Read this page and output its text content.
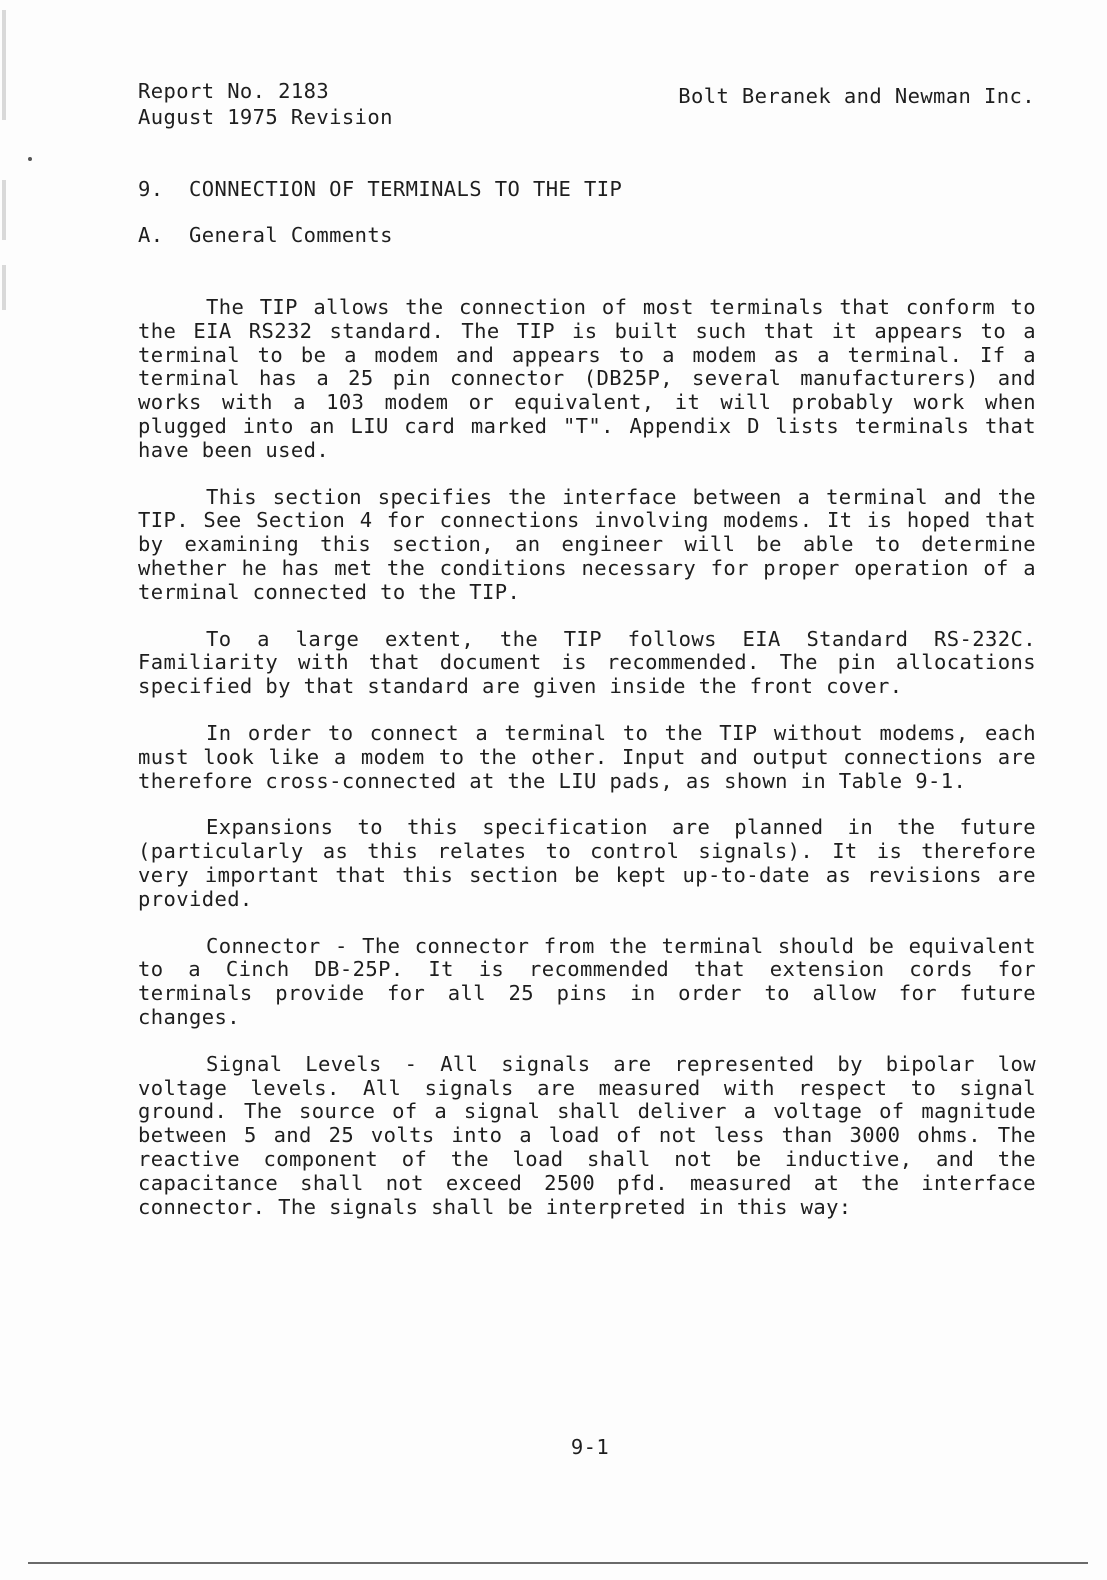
Report No. 2183
August 1975 Revision
Bolt Beranek and Newman Inc.
9.  CONNECTION OF TERMINALS TO THE TIP
A.  General Comments

The TIP allows the connection of most terminals that conform to the EIA RS232 standard. The TIP is built such that it appears to a terminal to be a modem and appears to a modem as a terminal. If a terminal has a 25 pin connector (DB25P, several manufacturers) and works with a 103 modem or equivalent, it will probably work when plugged into an LIU card marked "T". Appendix D lists terminals that have been used.

This section specifies the interface between a terminal and the TIP. See Section 4 for connections involving modems. It is hoped that by examining this section, an engineer will be able to determine whether he has met the conditions necessary for proper operation of a terminal connected to the TIP.

To a large extent, the TIP follows EIA Standard RS-232C. Familiarity with that document is recommended. The pin allocations specified by that standard are given inside the front cover.

In order to connect a terminal to the TIP without modems, each must look like a modem to the other. Input and output connections are therefore cross-connected at the LIU pads, as shown in Table 9-1.

Expansions to this specification are planned in the future (particularly as this relates to control signals). It is therefore very important that this section be kept up-to-date as revisions are provided.

Connector - The connector from the terminal should be equivalent to a Cinch DB-25P. It is recommended that extension cords for terminals provide for all 25 pins in order to allow for future changes.

Signal Levels - All signals are represented by bipolar low voltage levels. All signals are measured with respect to signal ground. The source of a signal shall deliver a voltage of magnitude between 5 and 25 volts into a load of not less than 3000 ohms. The reactive component of the load shall not be inductive, and the capacitance shall not exceed 2500 pfd. measured at the interface connector. The signals shall be interpreted in this way:

9-1
